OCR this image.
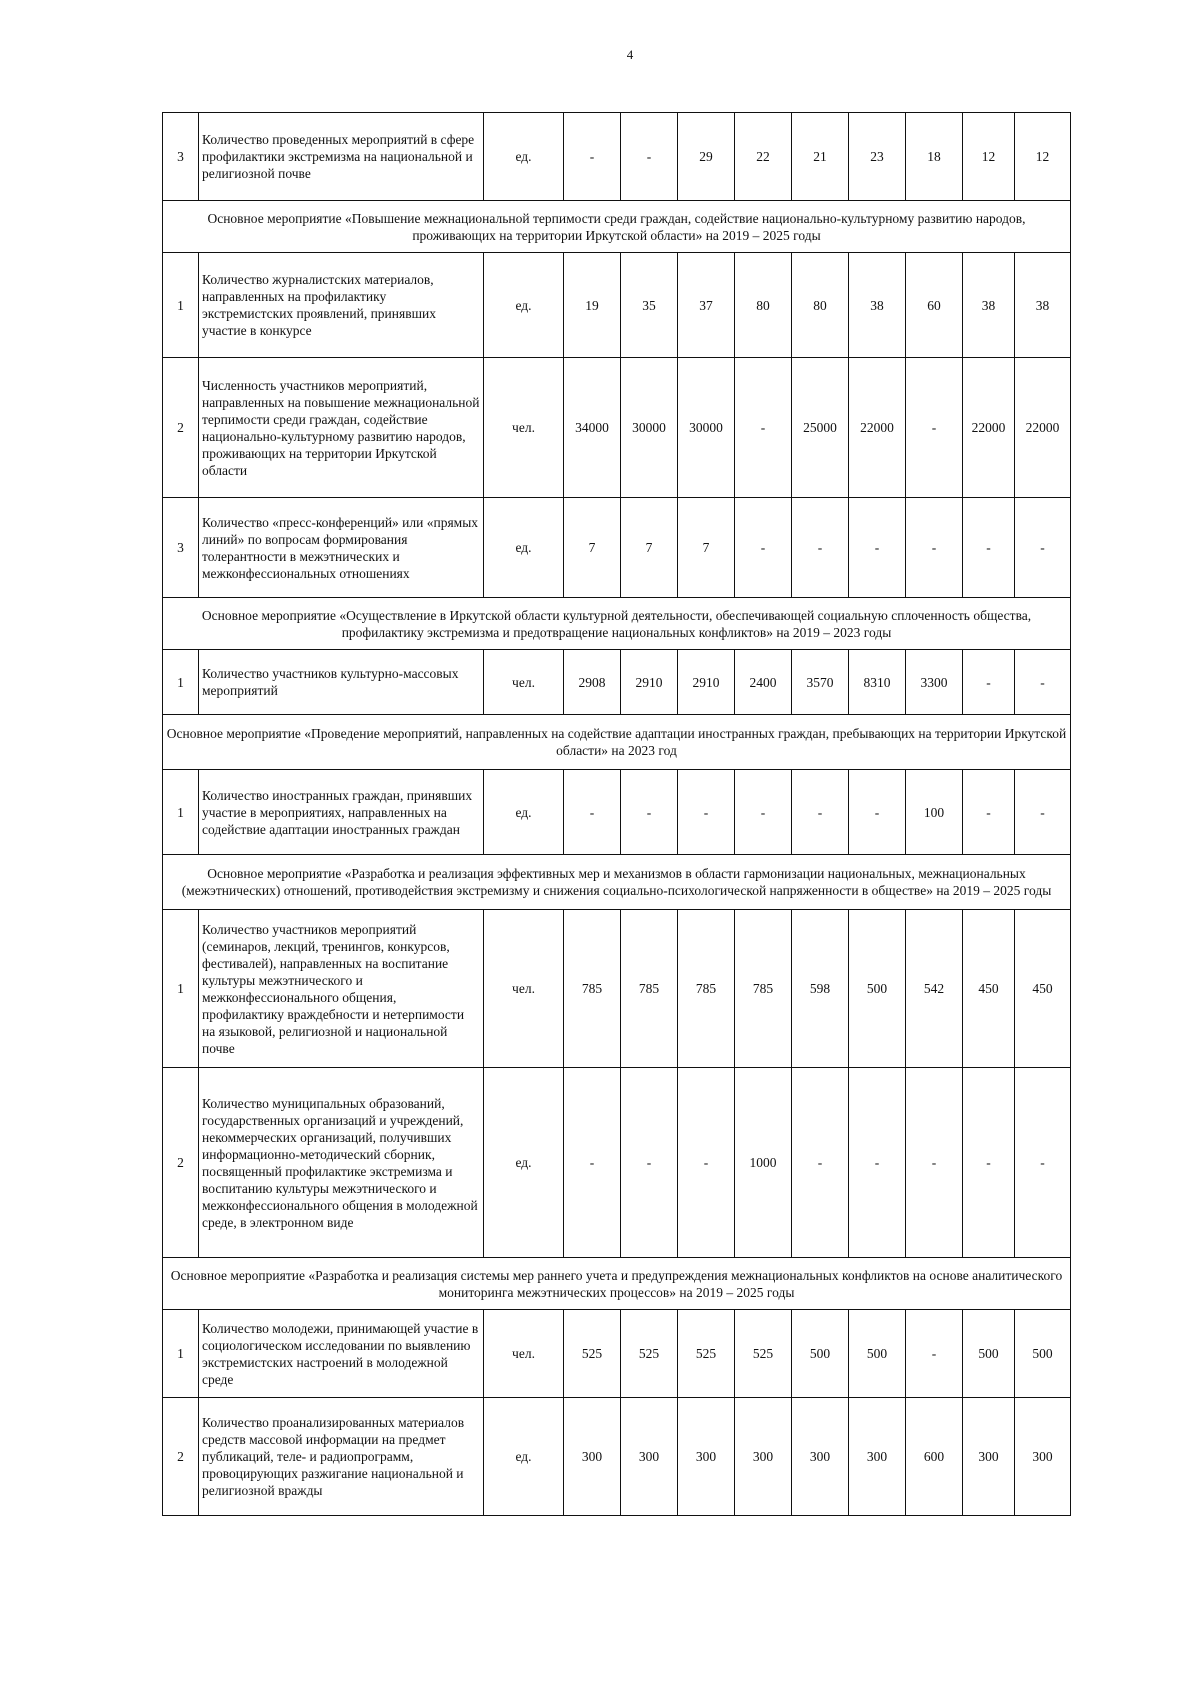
4
3	Количество проведенных мероприятий в сфере профилактики экстремизма на национальной и религиозной почве	ед.	-	-	29	22	21	23	18	12	12
Основное мероприятие «Повышение межнациональной терпимости среди граждан, содействие национально-культурному развитию народов, проживающих на территории Иркутской области» на 2019 – 2025 годы											
1	Количество журналистских материалов, направленных на профилактику экстремистских проявлений, принявших участие в конкурсе	ед.	19	35	37	80	80	38	60	38	38
2	Численность участников мероприятий, направленных на повышение межнациональной терпимости среди граждан, содействие национально-культурному развитию народов, проживающих на территории Иркутской области	чел.	34000	30000	30000	-	25000	22000	-	22000	22000
3	Количество «пресс-конференций» или «прямых линий» по вопросам формирования толерантности в межэтнических и межконфессиональных отношениях	ед.	7	7	7	-	-	-	-	-	-
Основное мероприятие «Осуществление в Иркутской области культурной деятельности, обеспечивающей социальную сплоченность общества, профилактику экстремизма и предотвращение национальных конфликтов» на 2019 – 2023 годы											
1	Количество участников культурно-массовых мероприятий	чел.	2908	2910	2910	2400	3570	8310	3300	-	-
Основное мероприятие «Проведение мероприятий, направленных на содействие адаптации иностранных граждан, пребывающих на территории Иркутской области» на 2023 год											
1	Количество иностранных граждан, принявших участие в мероприятиях, направленных на содействие адаптации иностранных граждан	ед.	-	-	-	-	-	-	100	-	-
Основное мероприятие «Разработка и реализация эффективных мер и механизмов в области гармонизации национальных, межнациональных (межэтнических) отношений, противодействия экстремизму и снижения социально-психологической напряженности в обществе» на 2019 – 2025 годы											
1	Количество участников мероприятий (семинаров, лекций, тренингов, конкурсов, фестивалей), направленных на воспитание культуры межэтнического и межконфессионального общения, профилактику враждебности и нетерпимости на языковой, религиозной и национальной почве	чел.	785	785	785	785	598	500	542	450	450
2	Количество муниципальных образований, государственных организаций и учреждений, некоммерческих организаций, получивших информационно-методический сборник, посвященный профилактике экстремизма и воспитанию культуры межэтнического и межконфессионального общения в молодежной среде, в электронном виде	ед.	-	-	-	1000	-	-	-	-	-
Основное мероприятие «Разработка и реализация системы мер раннего учета и предупреждения межнациональных конфликтов на основе аналитического мониторинга межэтнических процессов» на 2019 – 2025 годы											
1	Количество молодежи, принимающей участие в социологическом исследовании по выявлению экстремистских настроений в молодежной среде	чел.	525	525	525	525	500	500	-	500	500
2	Количество проанализированных материалов средств массовой информации на предмет публикаций, теле- и радиопрограмм, провоцирующих разжигание национальной и религиозной вражды	ед.	300	300	300	300	300	300	600	300	300
